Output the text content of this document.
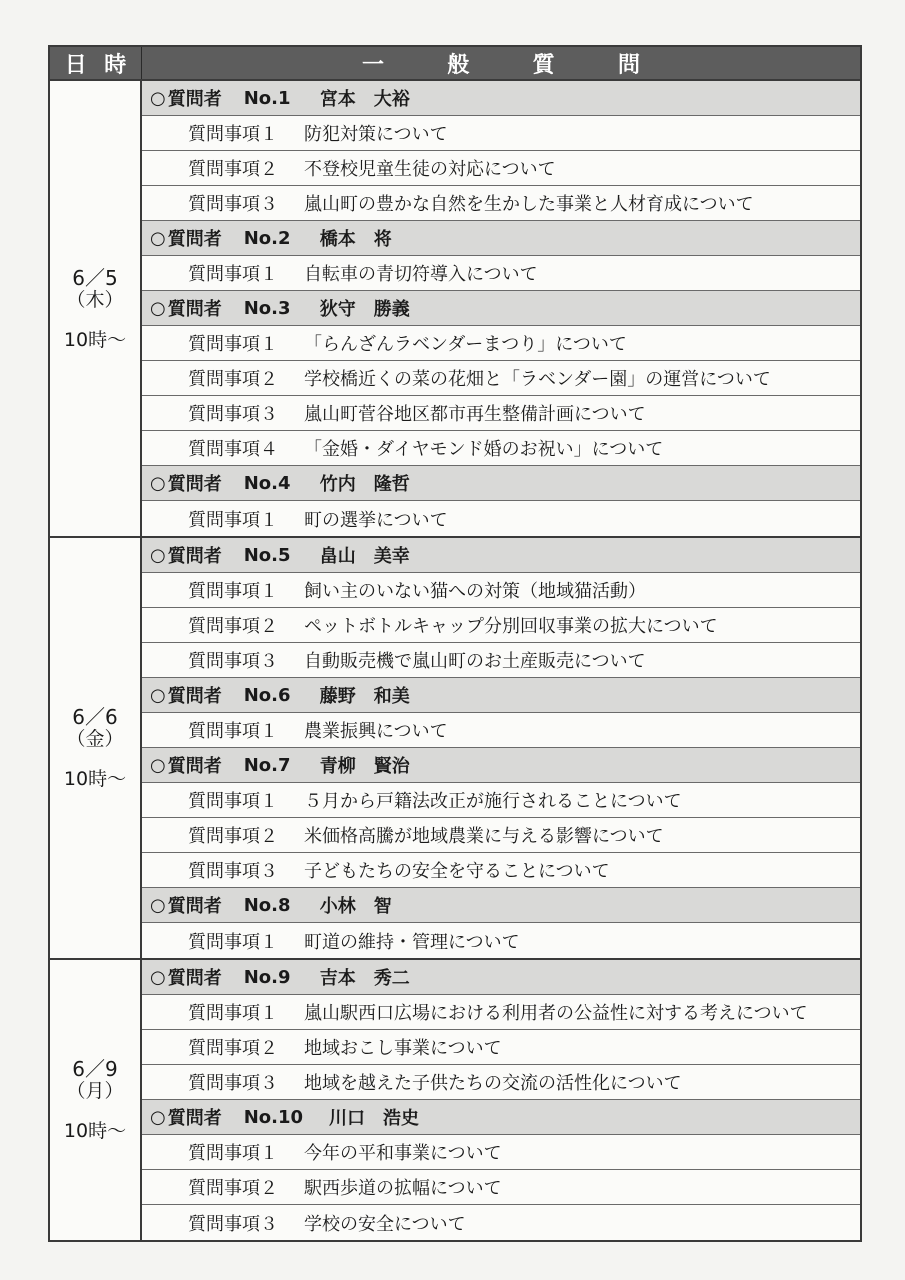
日 時	一	般	質	問
6／5
（木）
10時～
○ 質問者 No.1 宮本　大裕
質問事項１	防犯対策について
質問事項２	不登校児童生徒の対応について
質問事項３	嵐山町の豊かな自然を生かした事業と人材育成について
○ 質問者 No.2 橋本　将
質問事項１	自転車の青切符導入について
○ 質問者 No.3 狄守　勝義
質問事項１	「らんざんラベンダーまつり」について
質問事項２	学校橋近くの菜の花畑と「ラベンダー園」の運営について
質問事項３	嵐山町菅谷地区都市再生整備計画について
質問事項４	「金婚・ダイヤモンド婚のお祝い」について
○ 質問者 No.4 竹内　隆哲
質問事項１	町の選挙について
6／6
（金）
10時～
○ 質問者 No.5 畠山　美幸
質問事項１	飼い主のいない猫への対策（地域猫活動）
質問事項２	ペットボトルキャップ分別回収事業の拡大について
質問事項３	自動販売機で嵐山町のお土産販売について
○ 質問者 No.6 藤野　和美
質問事項１	農業振興について
○ 質問者 No.7 青柳　賢治
質問事項１	５月から戸籍法改正が施行されることについて
質問事項２	米価格高騰が地域農業に与える影響について
質問事項３	子どもたちの安全を守ることについて
○ 質問者 No.8 小林　智
質問事項１	町道の維持・管理について
6／9
（月）
10時～
○ 質問者 No.9 吉本　秀二
質問事項１	嵐山駅西口広場における利用者の公益性に対する考えについて
質問事項２	地域おこし事業について
質問事項３	地域を越えた子供たちの交流の活性化について
○ 質問者 No.10 川口　浩史
質問事項１	今年の平和事業について
質問事項２	駅西歩道の拡幅について
質問事項３	学校の安全について
